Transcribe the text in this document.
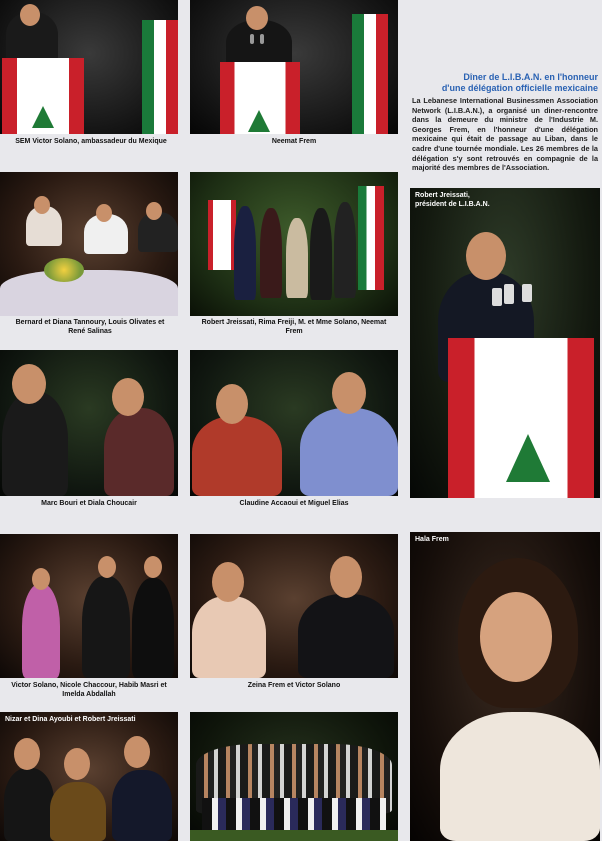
SEM Victor Solano, ambassadeur du Mexique	Neemat Frem
Dîner de L.I.B.A.N. en l'honneur
d'une délégation officielle mexicaine
La Lebanese International Businessmen Association Network (L.I.B.A.N.), a organisé un diner-rencontre dans la demeure du ministre de l'Industrie M. Georges Frem, en l'honneur d'une délégation mexicaine qui était de passage au Liban, dans le cadre d'une tournée mondiale. Les 26 membres de la délégation s'y sont retrouvés en compagnie de la majorité des membres de l'Association.
Bernard et Diana Tannoury, Louis Olivates et René Salinas
Robert Jreissati, Rima Freiji, M. et Mme Solano, Neemat Frem
Robert Jreissati,
président de L.I.B.A.N.
Marc Bouri et Diala Choucair	Claudine Accaoui et Miguel Elias
Victor Solano, Nicole Chaccour, Habib Masri et Imelda Abdallah
Zeina Frem et Victor Solano
Hala Frem
Nizar et Dina Ayoubi et Robert Jreissati
